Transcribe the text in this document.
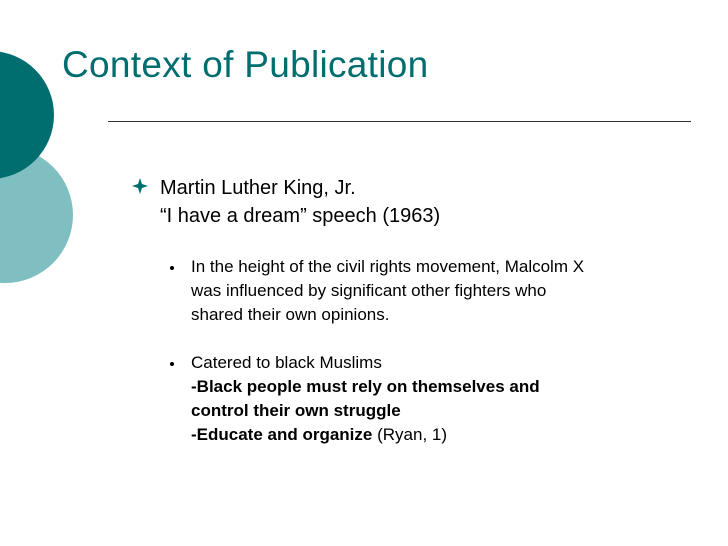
Context of Publication
Martin Luther King, Jr.
“I have a dream” speech (1963)
In the height of the civil rights movement, Malcolm X
was influenced by significant other fighters who
shared their own opinions.
Catered to black Muslims
-Black people must rely on themselves and
control their own struggle
-Educate and organize (Ryan, 1)
